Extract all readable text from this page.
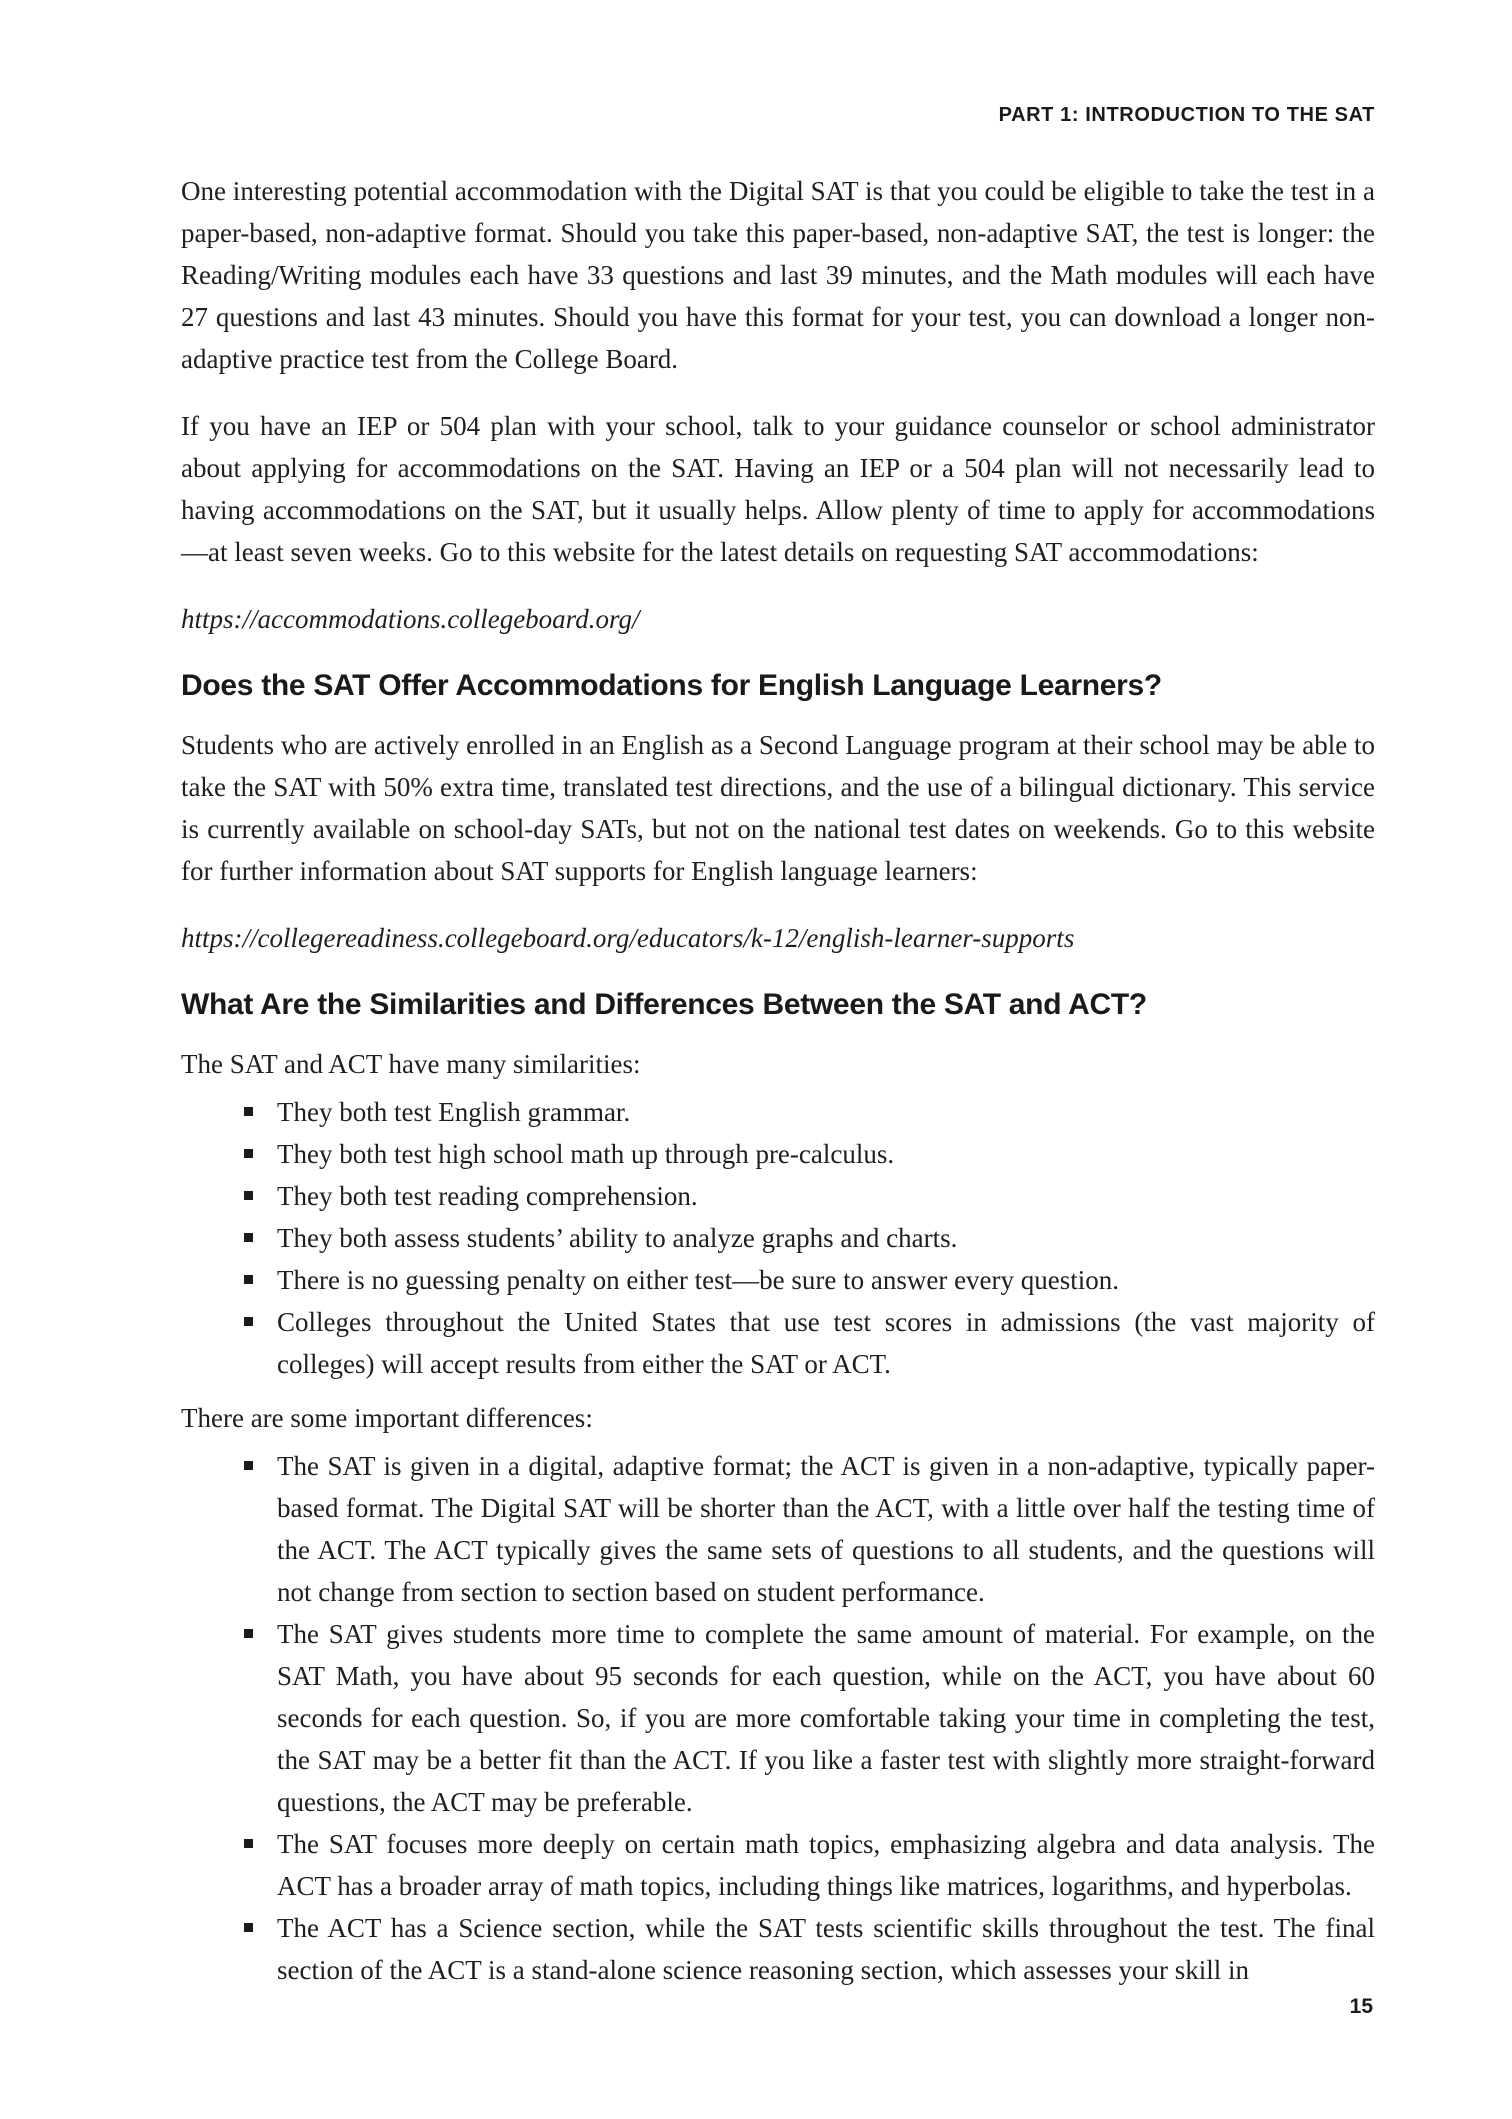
PART 1: INTRODUCTION TO THE SAT

One interesting potential accommodation with the Digital SAT is that you could be eligible to take the test in a paper-based, non-adaptive format. Should you take this paper-based, non-adaptive SAT, the test is longer: the Reading/Writing modules each have 33 questions and last 39 minutes, and the Math modules will each have 27 questions and last 43 minutes. Should you have this format for your test, you can download a longer non-adaptive practice test from the College Board.

If you have an IEP or 504 plan with your school, talk to your guidance counselor or school administrator about applying for accommodations on the SAT. Having an IEP or a 504 plan will not necessarily lead to having accommodations on the SAT, but it usually helps. Allow plenty of time to apply for accommodations—at least seven weeks. Go to this website for the latest details on requesting SAT accommodations:

https://accommodations.collegeboard.org/

Does the SAT Offer Accommodations for English Language Learners?

Students who are actively enrolled in an English as a Second Language program at their school may be able to take the SAT with 50% extra time, translated test directions, and the use of a bilingual dictionary. This service is currently available on school-day SATs, but not on the national test dates on weekends. Go to this website for further information about SAT supports for English language learners:

https://collegereadiness.collegeboard.org/educators/k-12/english-learner-supports

What Are the Similarities and Differences Between the SAT and ACT?

The SAT and ACT have many similarities:

They both test English grammar.
They both test high school math up through pre-calculus.
They both test reading comprehension.
They both assess students’ ability to analyze graphs and charts.
There is no guessing penalty on either test—be sure to answer every question.
Colleges throughout the United States that use test scores in admissions (the vast majority of colleges) will accept results from either the SAT or ACT.

There are some important differences:

The SAT is given in a digital, adaptive format; the ACT is given in a non-adaptive, typically paper-based format. The Digital SAT will be shorter than the ACT, with a little over half the testing time of the ACT. The ACT typically gives the same sets of questions to all students, and the questions will not change from section to section based on student performance.
The SAT gives students more time to complete the same amount of material. For example, on the SAT Math, you have about 95 seconds for each question, while on the ACT, you have about 60 seconds for each question. So, if you are more comfortable taking your time in completing the test, the SAT may be a better fit than the ACT. If you like a faster test with slightly more straight-forward questions, the ACT may be preferable.
The SAT focuses more deeply on certain math topics, emphasizing algebra and data analysis. The ACT has a broader array of math topics, including things like matrices, logarithms, and hyperbolas.
The ACT has a Science section, while the SAT tests scientific skills throughout the test. The final section of the ACT is a stand-alone science reasoning section, which assesses your skill in
15
